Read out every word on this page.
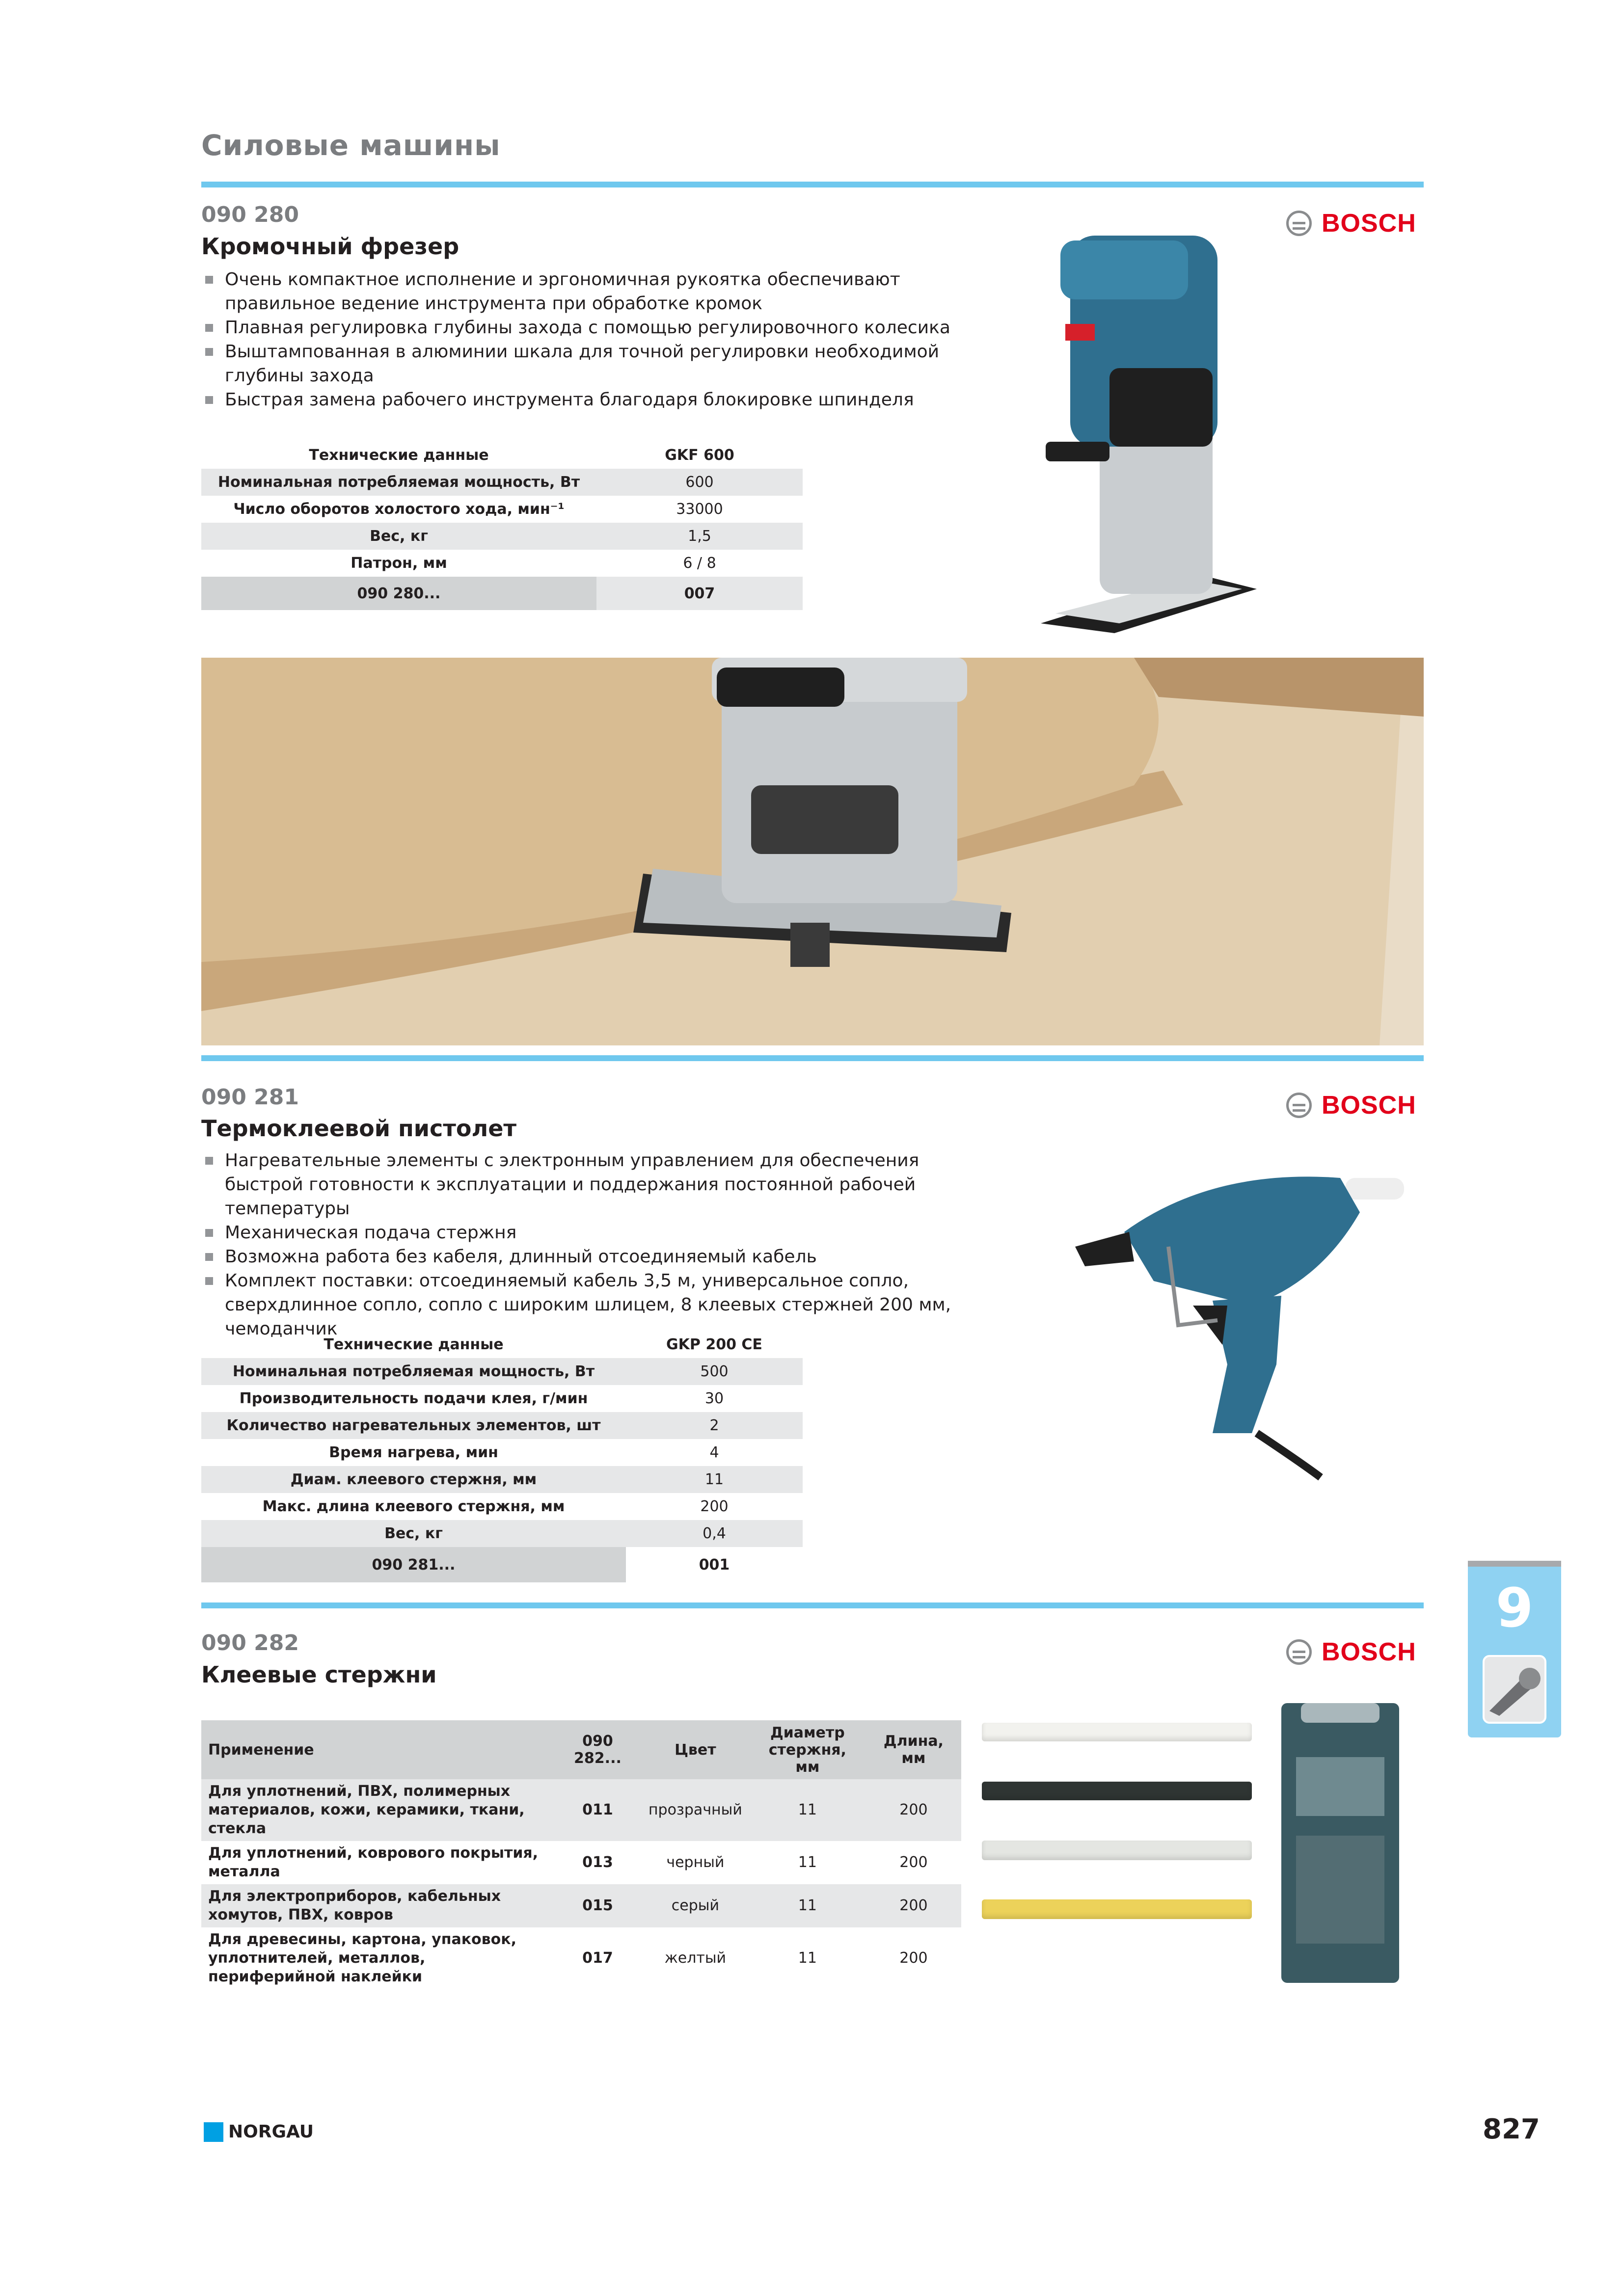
Силовые машины
090 280
Кромочный фрезер
BOSCH
Очень компактное исполнение и эргономичная рукоятка обеспечивают правильное ведение инструмента при обработке кромок
Плавная регулировка глубины захода с помощью регулировочного колесика
Выштампованная в алюминии шкала для точной регулировки необходимой глубины захода
Быстрая замена рабочего инструмента благодаря блокировке шпинделя
Технические данные	GKF 600
Номинальная потребляемая мощность, Вт	600
Число оборотов холостого хода, мин⁻¹	33000
Вес, кг	1,5
Патрон, мм	6 / 8
090 280...	007
090 281
Термоклеевой пистолет
BOSCH
Нагревательные элементы с электронным управлением для обеспечения быстрой готовности к эксплуатации и поддержания постоянной рабочей температуры
Механическая подача стержня
Возможна работа без кабеля, длинный отсоединяемый кабель
Комплект поставки: отсоединяемый кабель 3,5 м, универсальное сопло, сверхдлинное сопло, сопло с широким шлицем, 8 клеевых стержней 200 мм, чемоданчик
Технические данные	GKP 200 CE
Номинальная потребляемая мощность, Вт	500
Производительность подачи клея, г/мин	30
Количество нагревательных элементов, шт	2
Время нагрева, мин	4
Диам. клеевого стержня, мм	11
Макс. длина клеевого стержня, мм	200
Вес, кг	0,4
090 281...	001
9
090 282
Клеевые стержни
BOSCH
Применение	090 282...	Цвет	Диаметр стержня, мм	Длина, мм
Для уплотнений, ПВХ, полимерных материалов, кожи, керамики, ткани, стекла	011	прозрачный	11	200
Для уплотнений, коврового покрытия, металла	013	черный	11	200
Для электроприборов, кабельных хомутов, ПВХ, ковров	015	серый	11	200
Для древесины, картона, упаковок, уплотнителей, металлов, периферийной наклейки	017	желтый	11	200
NORGAU	827
